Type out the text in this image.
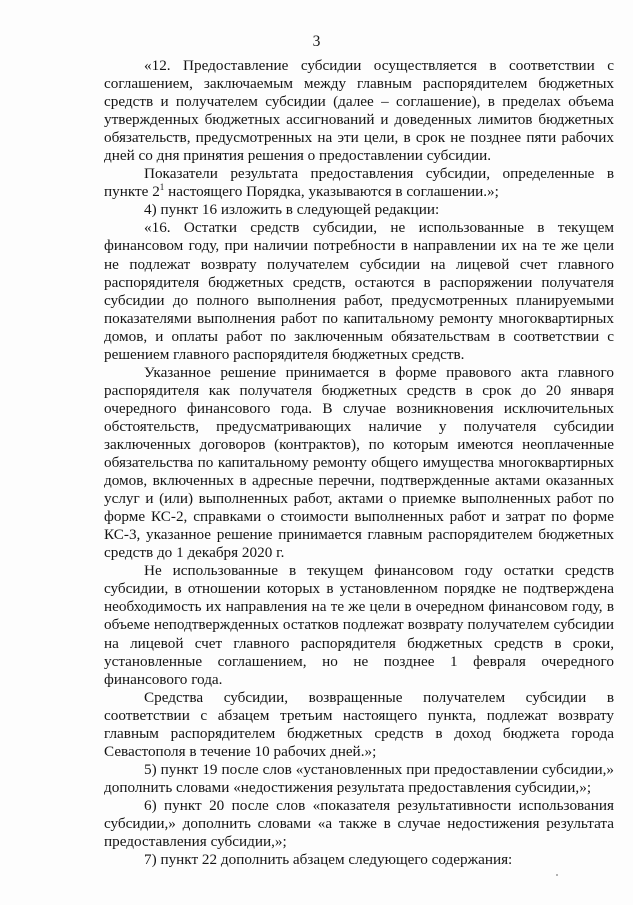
3

«12. Предоставление субсидии осуществляется в соответствии с соглашением, заключаемым между главным распорядителем бюджетных средств и получателем субсидии (далее – соглашение), в пределах объема утвержденных бюджетных ассигнований и доведенных лимитов бюджетных обязательств, предусмотренных на эти цели, в срок не позднее пяти рабочих дней со дня принятия решения о предоставлении субсидии.

Показатели результата предоставления субсидии, определенные в пункте $2^1$ настоящего Порядка, указываются в соглашении.»;

4) пункт 16 изложить в следующей редакции:

«16. Остатки средств субсидии, не использованные в текущем финансовом году, при наличии потребности в направлении их на те же цели не подлежат возврату получателем субсидии на лицевой счет главного распорядителя бюджетных средств, остаются в распоряжении получателя субсидии до полного выполнения работ, предусмотренных планируемыми показателями выполнения работ по капитальному ремонту многоквартирных домов, и оплаты работ по заключенным обязательствам в соответствии с решением главного распорядителя бюджетных средств.

Указанное решение принимается в форме правового акта главного распорядителя как получателя бюджетных средств в срок до 20 января очередного финансового года. В случае возникновения исключительных обстоятельств, предусматривающих наличие у получателя субсидии заключенных договоров (контрактов), по которым имеются неоплаченные обязательства по капитальному ремонту общего имущества многоквартирных домов, включенных в адресные перечни, подтвержденные актами оказанных услуг и (или) выполненных работ, актами о приемке выполненных работ по форме КС-2, справками о стоимости выполненных работ и затрат по форме КС-3, указанное решение принимается главным распорядителем бюджетных средств до 1 декабря 2020 г.

Не использованные в текущем финансовом году остатки средств субсидии, в отношении которых в установленном порядке не подтверждена необходимость их направления на те же цели в очередном финансовом году, в объеме неподтвержденных остатков подлежат возврату получателем субсидии на лицевой счет главного распорядителя бюджетных средств в сроки, установленные соглашением, но не позднее 1 февраля очередного финансового года.

Средства субсидии, возвращенные получателем субсидии в соответствии с абзацем третьим настоящего пункта, подлежат возврату главным распорядителем бюджетных средств в доход бюджета города Севастополя в течение 10 рабочих дней.»;

5) пункт 19 после слов «установленных при предоставлении субсидии,» дополнить словами «недостижения результата предоставления субсидии,»;

6) пункт 20 после слов «показателя результативности использования субсидии,» дополнить словами «а также в случае недостижения результата предоставления субсидии,»;

7) пункт 22 дополнить абзацем следующего содержания:
